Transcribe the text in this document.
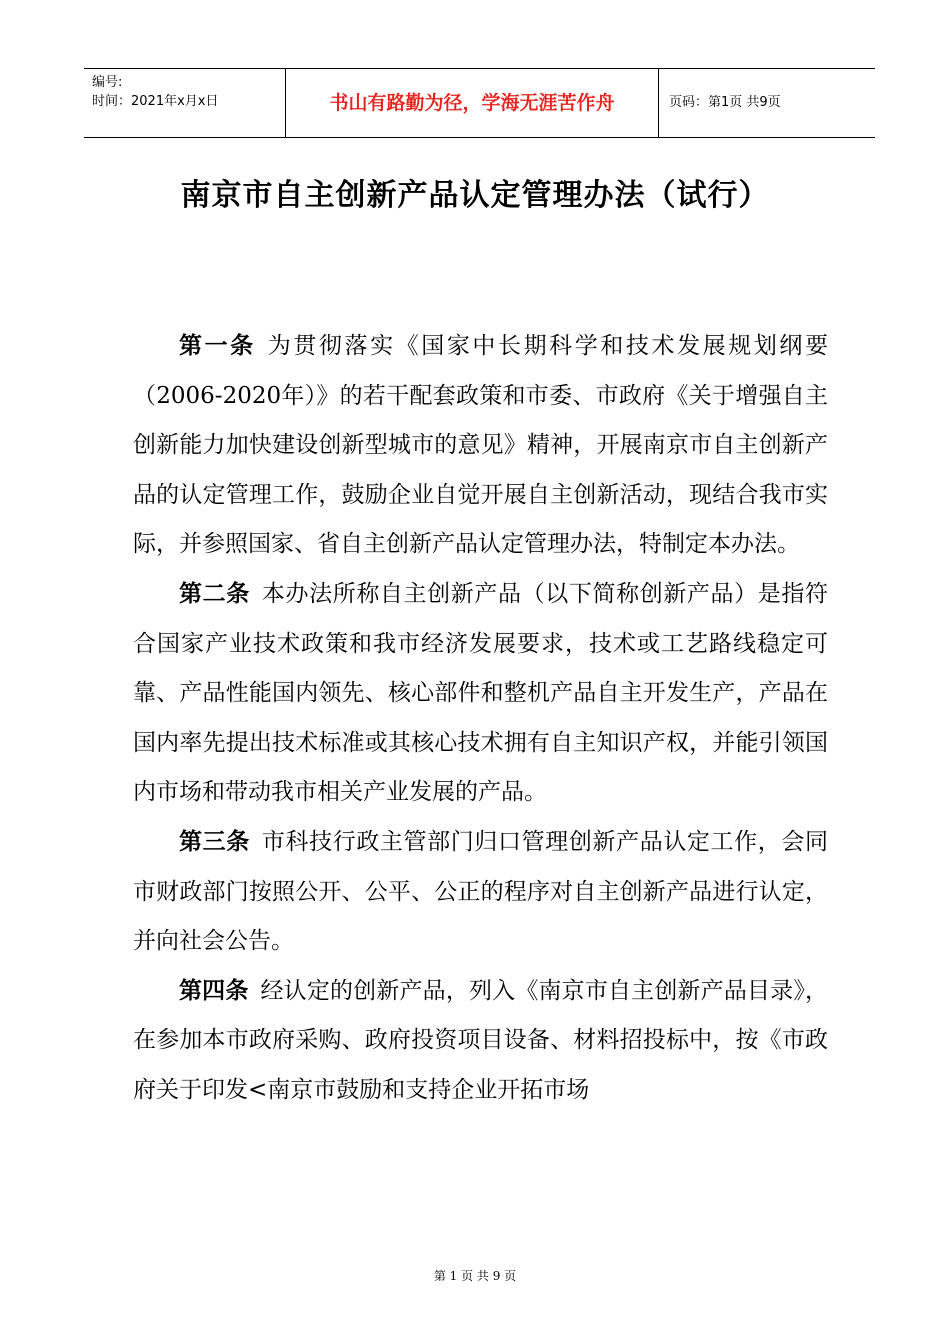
编号:
时间：2021年x月x日	书山有路勤为径，学海无涯苦作舟	页码：第1页 共9页
南京市自主创新产品认定管理办法（试行）

第一条 为贯彻落实《国家中长期科学和技术发展规划纲要（2006-2020年）》的若干配套政策和市委、市政府《关于增强自主创新能力加快建设创新型城市的意见》精神，开展南京市自主创新产品的认定管理工作，鼓励企业自觉开展自主创新活动，现结合我市实际，并参照国家、省自主创新产品认定管理办法，特制定本办法。

第二条 本办法所称自主创新产品（以下简称创新产品）是指符合国家产业技术政策和我市经济发展要求，技术或工艺路线稳定可靠、产品性能国内领先、核心部件和整机产品自主开发生产，产品在国内率先提出技术标准或其核心技术拥有自主知识产权，并能引领国内市场和带动我市相关产业发展的产品。

第三条 市科技行政主管部门归口管理创新产品认定工作，会同市财政部门按照公开、公平、公正的程序对自主创新产品进行认定，并向社会公告。

第四条 经认定的创新产品，列入《南京市自主创新产品目录》，在参加本市政府采购、政府投资项目设备、材料招投标中，按《市政府关于印发<南京市鼓励和支持企业开拓市场

第 1 页 共 9 页
